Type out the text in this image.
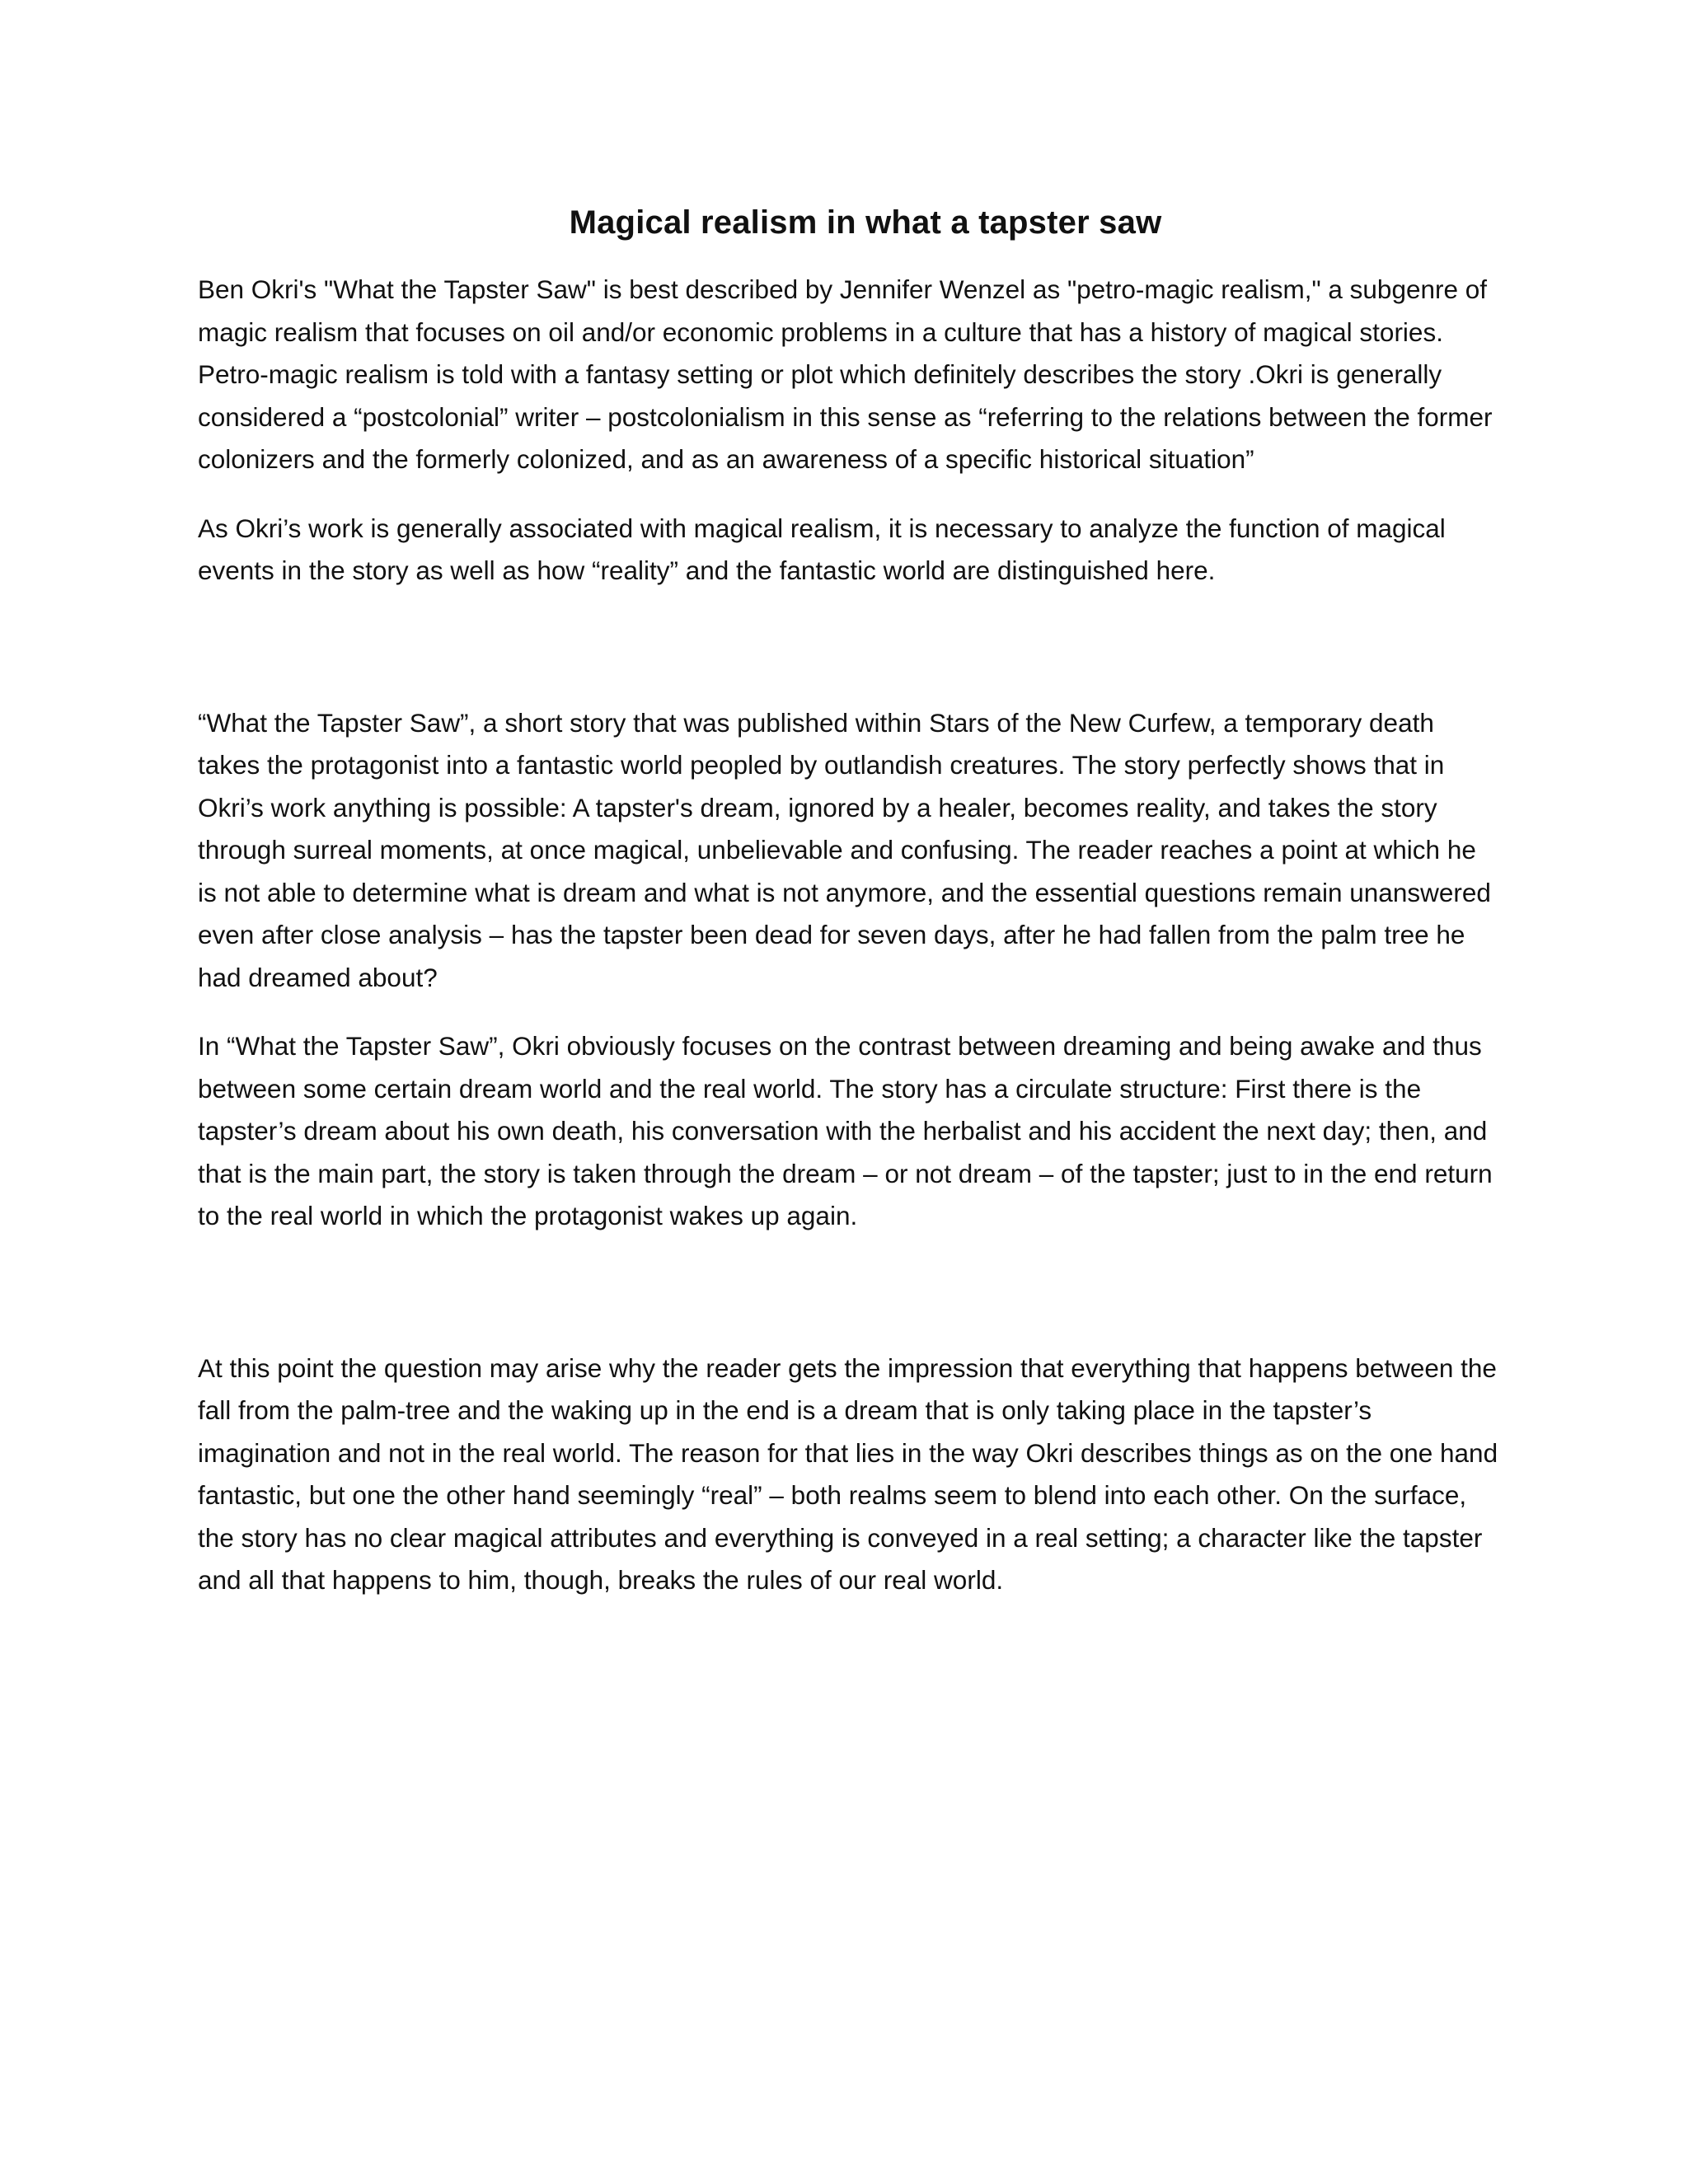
Magical realism in what a tapster saw

Ben Okri's "What the Tapster Saw" is best described by Jennifer Wenzel as "petro-magic realism," a subgenre of magic realism that focuses on oil and/or economic problems in a culture that has a history of magical stories. Petro-magic realism is told with a fantasy setting or plot which definitely describes the story .Okri is generally considered a “postcolonial” writer – postcolonialism in this sense as “referring to the relations between the former colonizers and the formerly colonized, and as an awareness of a specific historical situation”

As Okri’s work is generally associated with magical realism, it is necessary to analyze the function of magical events in the story as well as how “reality” and the fantastic world are distinguished here.

“What the Tapster Saw”, a short story that was published within Stars of the New Curfew, a temporary death takes the protagonist into a fantastic world peopled by outlandish creatures. The story perfectly shows that in Okri’s work anything is possible: A tapster's dream, ignored by a healer, becomes reality, and takes the story through surreal moments, at once magical, unbelievable and confusing. The reader reaches a point at which he is not able to determine what is dream and what is not anymore, and the essential questions remain unanswered even after close analysis – has the tapster been dead for seven days, after he had fallen from the palm tree he had dreamed about?

In “What the Tapster Saw”, Okri obviously focuses on the contrast between dreaming and being awake and thus between some certain dream world and the real world. The story has a circulate structure: First there is the tapster’s dream about his own death, his conversation with the herbalist and his accident the next day; then, and that is the main part, the story is taken through the dream – or not dream – of the tapster; just to in the end return to the real world in which the protagonist wakes up again.

At this point the question may arise why the reader gets the impression that everything that happens between the fall from the palm-tree and the waking up in the end is a dream that is only taking place in the tapster’s imagination and not in the real world. The reason for that lies in the way Okri describes things as on the one hand fantastic, but one the other hand seemingly “real” – both realms seem to blend into each other. On the surface, the story has no clear magical attributes and everything is conveyed in a real setting; a character like the tapster and all that happens to him, though, breaks the rules of our real world.
